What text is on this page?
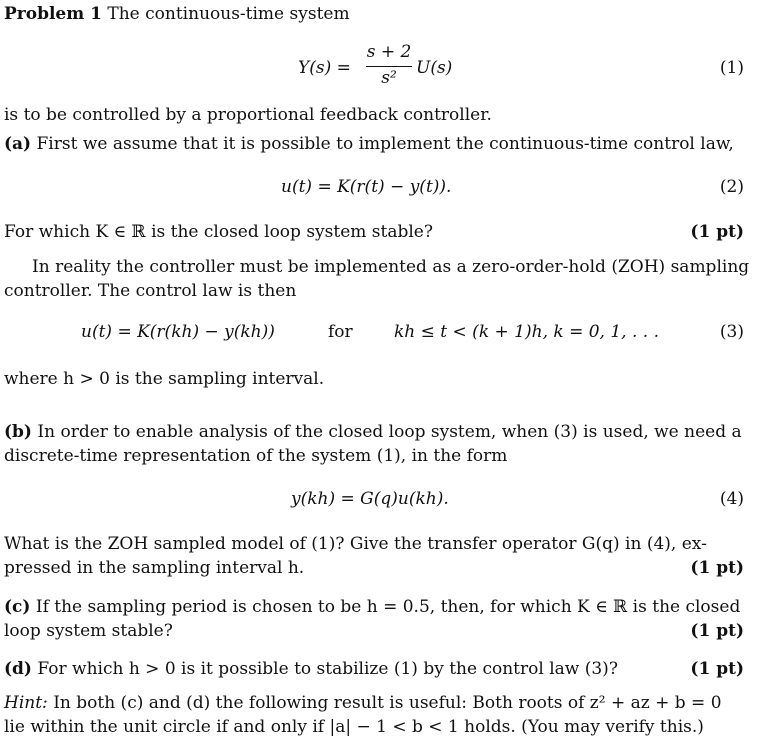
Problem 1 The continuous-time system
Y(s) =
s + 2
s²	U(s)	(1)
is to be controlled by a proportional feedback controller.
(a) First we assume that it is possible to implement the continuous-time control law,
u(t) = K(r(t) − y(t)).	(2)
For which K ∈ ℝ is the closed loop system stable?	(1 pt)
In reality the controller must be implemented as a zero-order-hold (ZOH) sampling
controller. The control law is then
u(t) = K(r(kh) − y(kh))	for kh ≤ t < (k + 1)h, k = 0, 1, . . .	(3)
where h > 0 is the sampling interval.
(b) In order to enable analysis of the closed loop system, when (3) is used, we need a
discrete-time representation of the system (1), in the form
y(kh) = G(q)u(kh).	(4)
What is the ZOH sampled model of (1)? Give the transfer operator G(q) in (4), ex-
pressed in the sampling interval h.	(1 pt)
(c) If the sampling period is chosen to be h = 0.5, then, for which K ∈ ℝ is the closed
loop system stable?	(1 pt)
(d) For which h > 0 is it possible to stabilize (1) by the control law (3)?	(1 pt)
Hint: In both (c) and (d) the following result is useful: Both roots of z² + az + b = 0
lie within the unit circle if and only if |a| − 1 < b < 1 holds. (You may verify this.)
